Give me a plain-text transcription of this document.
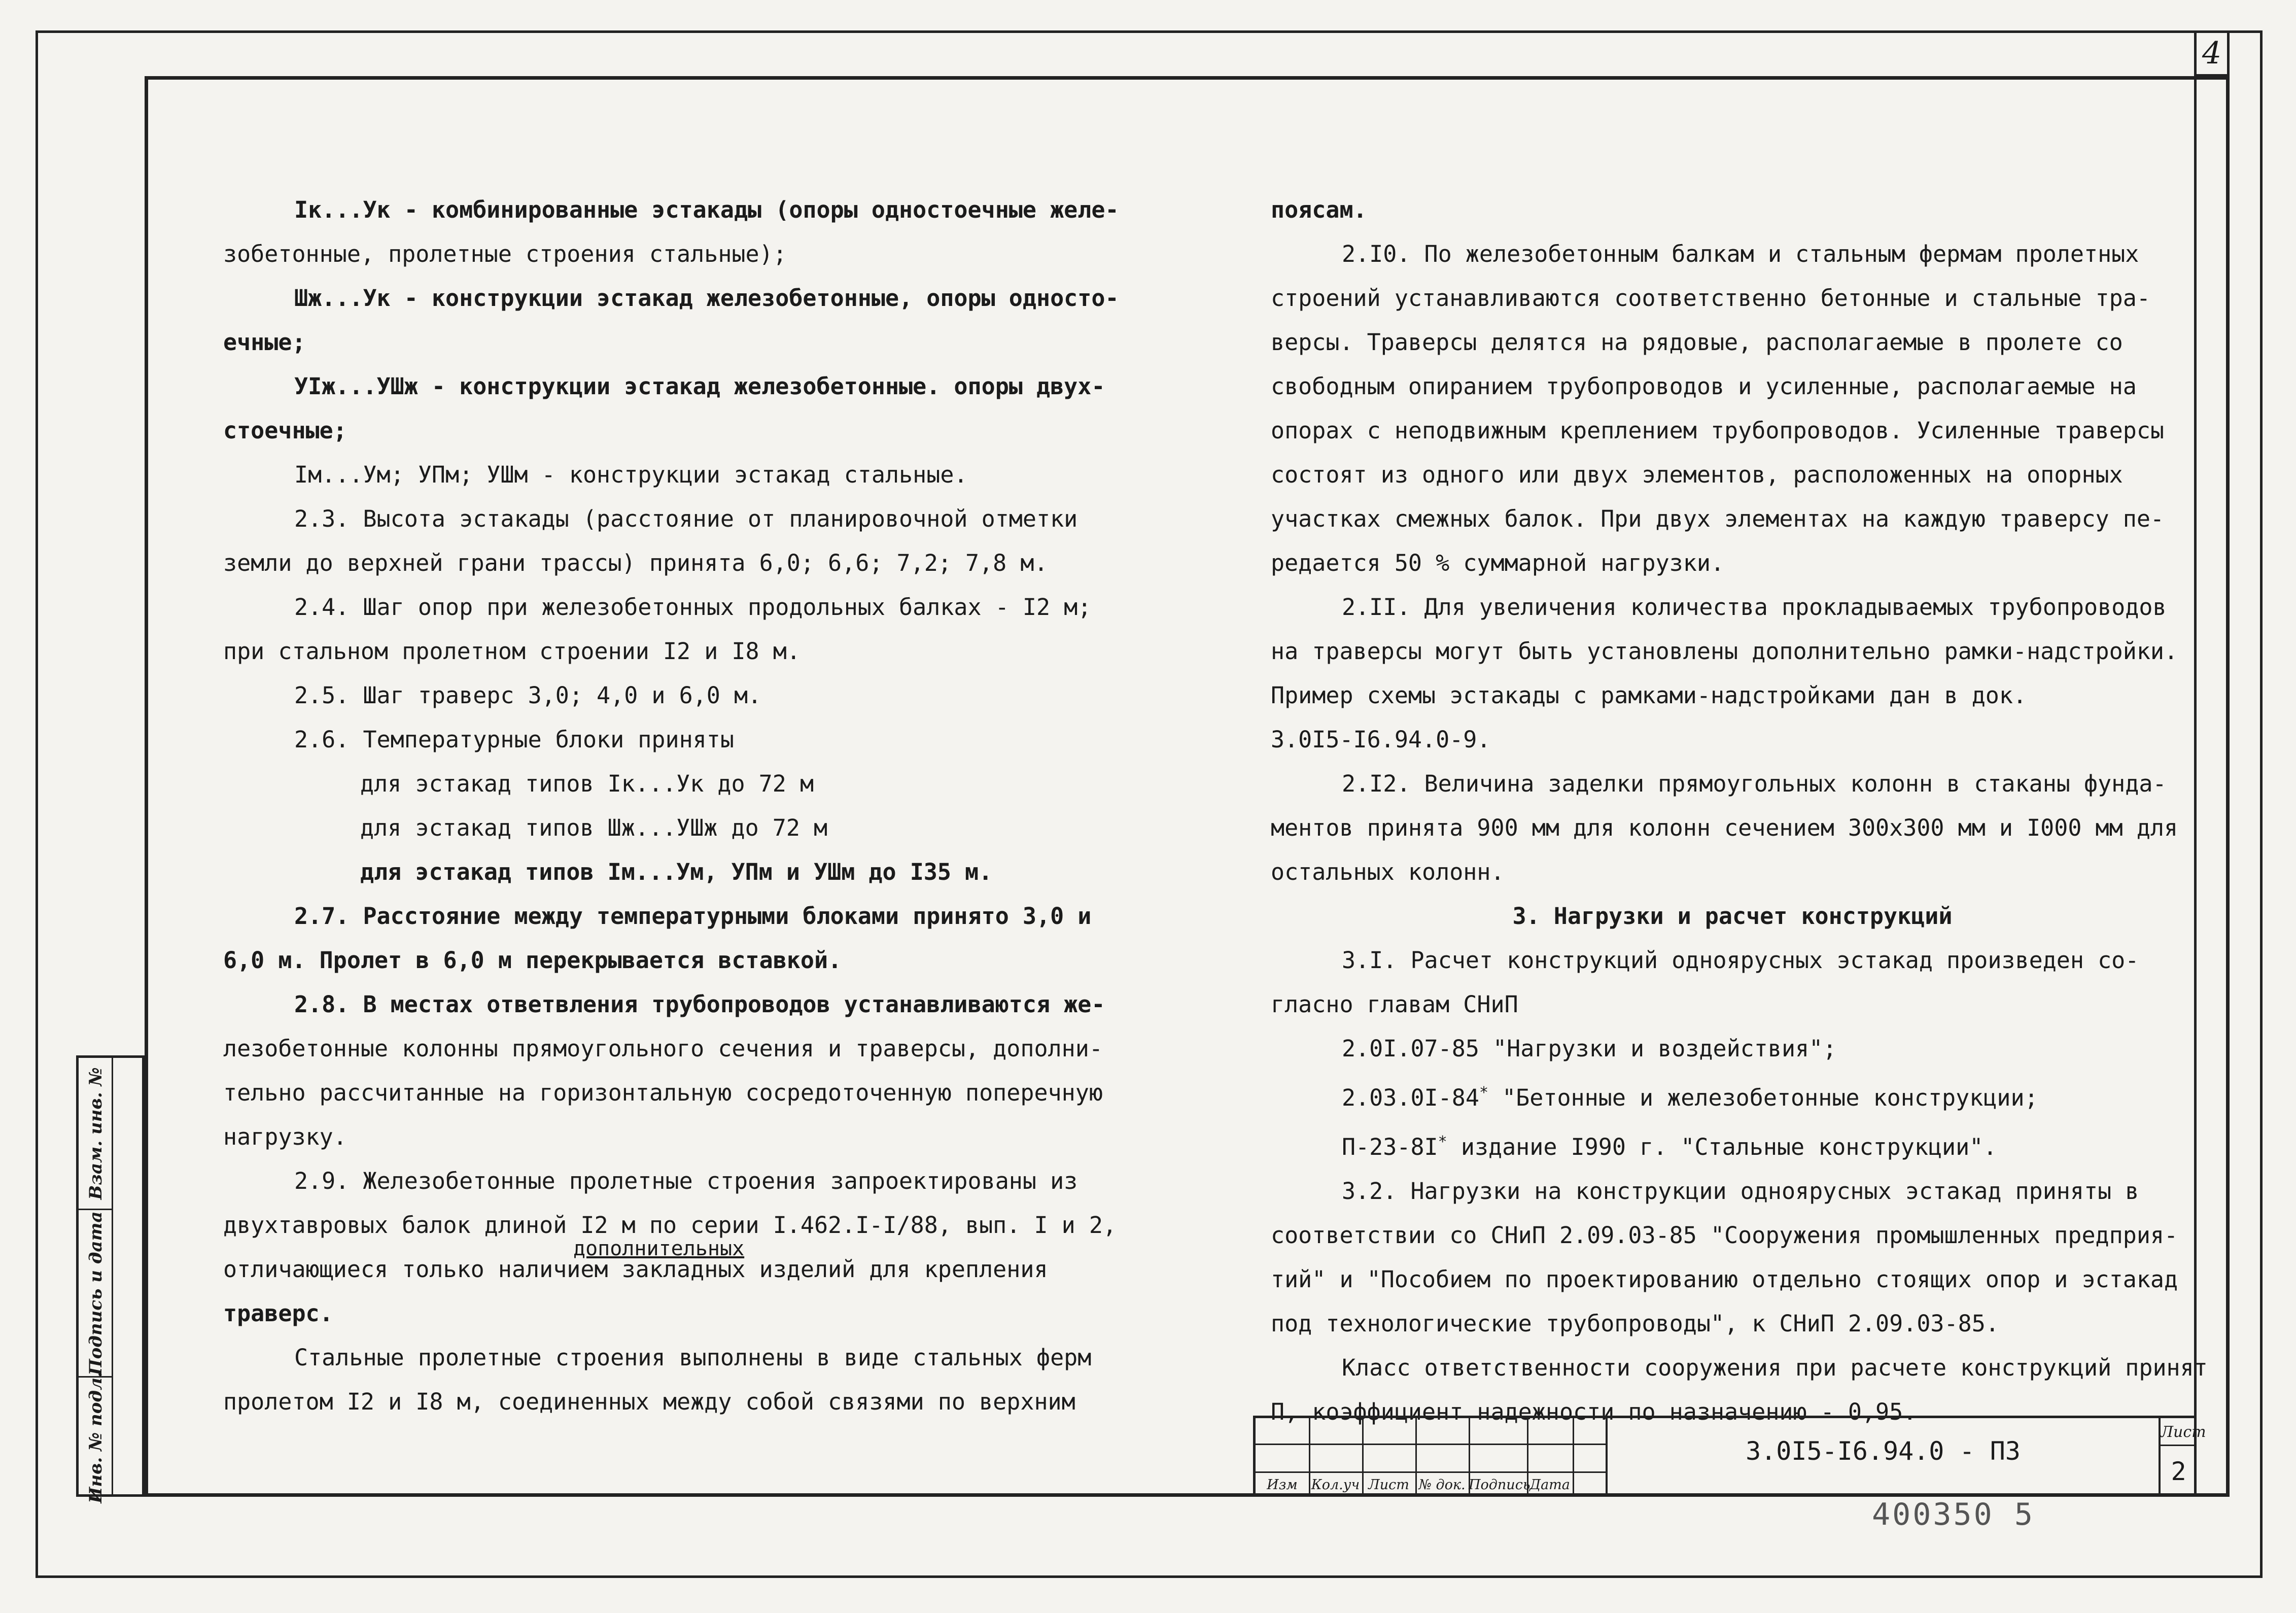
4
Взам. инв. №
Подпись и дата
Инв. № подл.

Iк...Ук - комбинированные эстакады (опоры одностоечные желе-

зобетонные, пролетные строения стальные);

Шж...Ук - конструкции эстакад железобетонные, опоры односто-

ечные;

УIж...УШж - конструкции эстакад железобетонные. опоры двух-

стоечные;

Iм...Ум; УПм; УШм - конструкции эстакад стальные.

2.3. Высота эстакады (расстояние от планировочной отметки

земли до верхней грани трассы) принята 6,0; 6,6; 7,2; 7,8 м.

2.4. Шаг опор при железобетонных продольных балках - I2 м;

при стальном пролетном строении I2 и I8 м.

2.5. Шаг траверс 3,0; 4,0 и 6,0 м.

2.6. Температурные блоки приняты

для эстакад типов Iк...Ук до 72 м

для эстакад типов Шж...УШж до 72 м

для эстакад типов Iм...Ум, УПм и УШм до I35 м.

2.7. Расстояние между температурными блоками принято 3,0 и

6,0 м. Пролет в 6,0 м перекрывается вставкой.

2.8. В местах ответвления трубопроводов устанавливаются же-

лезобетонные колонны прямоугольного сечения и траверсы, дополни-

тельно рассчитанные на горизонтальную сосредоточенную поперечную

нагрузку.

2.9. Железобетонные пролетные строения запроектированы из

двухтавровых балок длиной I2 м по серии I.462.I-I/88, вып. I и 2,

дополнительных
отличающиеся только наличием закладных изделий для крепления

траверс.

Стальные пролетные строения выполнены в виде стальных ферм

пролетом I2 и I8 м, соединенных между собой связями по верхним

поясам.

2.I0. По железобетонным балкам и стальным фермам пролетных

строений устанавливаются соответственно бетонные и стальные тра-

версы. Траверсы делятся на рядовые, располагаемые в пролете со

свободным опиранием трубопроводов и усиленные, располагаемые на

опорах с неподвижным креплением трубопроводов. Усиленные траверсы

состоят из одного или двух элементов, расположенных на опорных

участках смежных балок. При двух элементах на каждую траверсу пе-

редается 50 % суммарной нагрузки.

2.II. Для увеличения количества прокладываемых трубопроводов

на траверсы могут быть установлены дополнительно рамки-надстройки.

Пример схемы эстакады с рамками-надстройками дан в док.

3.0I5-I6.94.0-9.

2.I2. Величина заделки прямоугольных колонн в стаканы фунда-

ментов принята 900 мм для колонн сечением 300х300 мм и I000 мм для

остальных колонн.

3. Нагрузки и расчет конструкций

3.I. Расчет конструкций одноярусных эстакад произведен со-

гласно главам СНиП

2.0I.07-85 "Нагрузки и воздействия";

2.03.0I-84* "Бетонные и железобетонные конструкции;

П-23-8I* издание I990 г. "Стальные конструкции".

3.2. Нагрузки на конструкции одноярусных эстакад приняты в

соответствии со СНиП 2.09.03-85 "Сооружения промышленных предприя-

тий" и "Пособием по проектированию отдельно стоящих опор и эстакад

под технологические трубопроводы", к СНиП 2.09.03-85.

Класс ответственности сооружения при расчете конструкций принят

П, коэффициент надежности по назначению - 0,95.

Изм Кол.уч Лист № док. Подпись
Дата
3.0I5-I6.94.0 - ПЗ
Лист
2
400350 5
